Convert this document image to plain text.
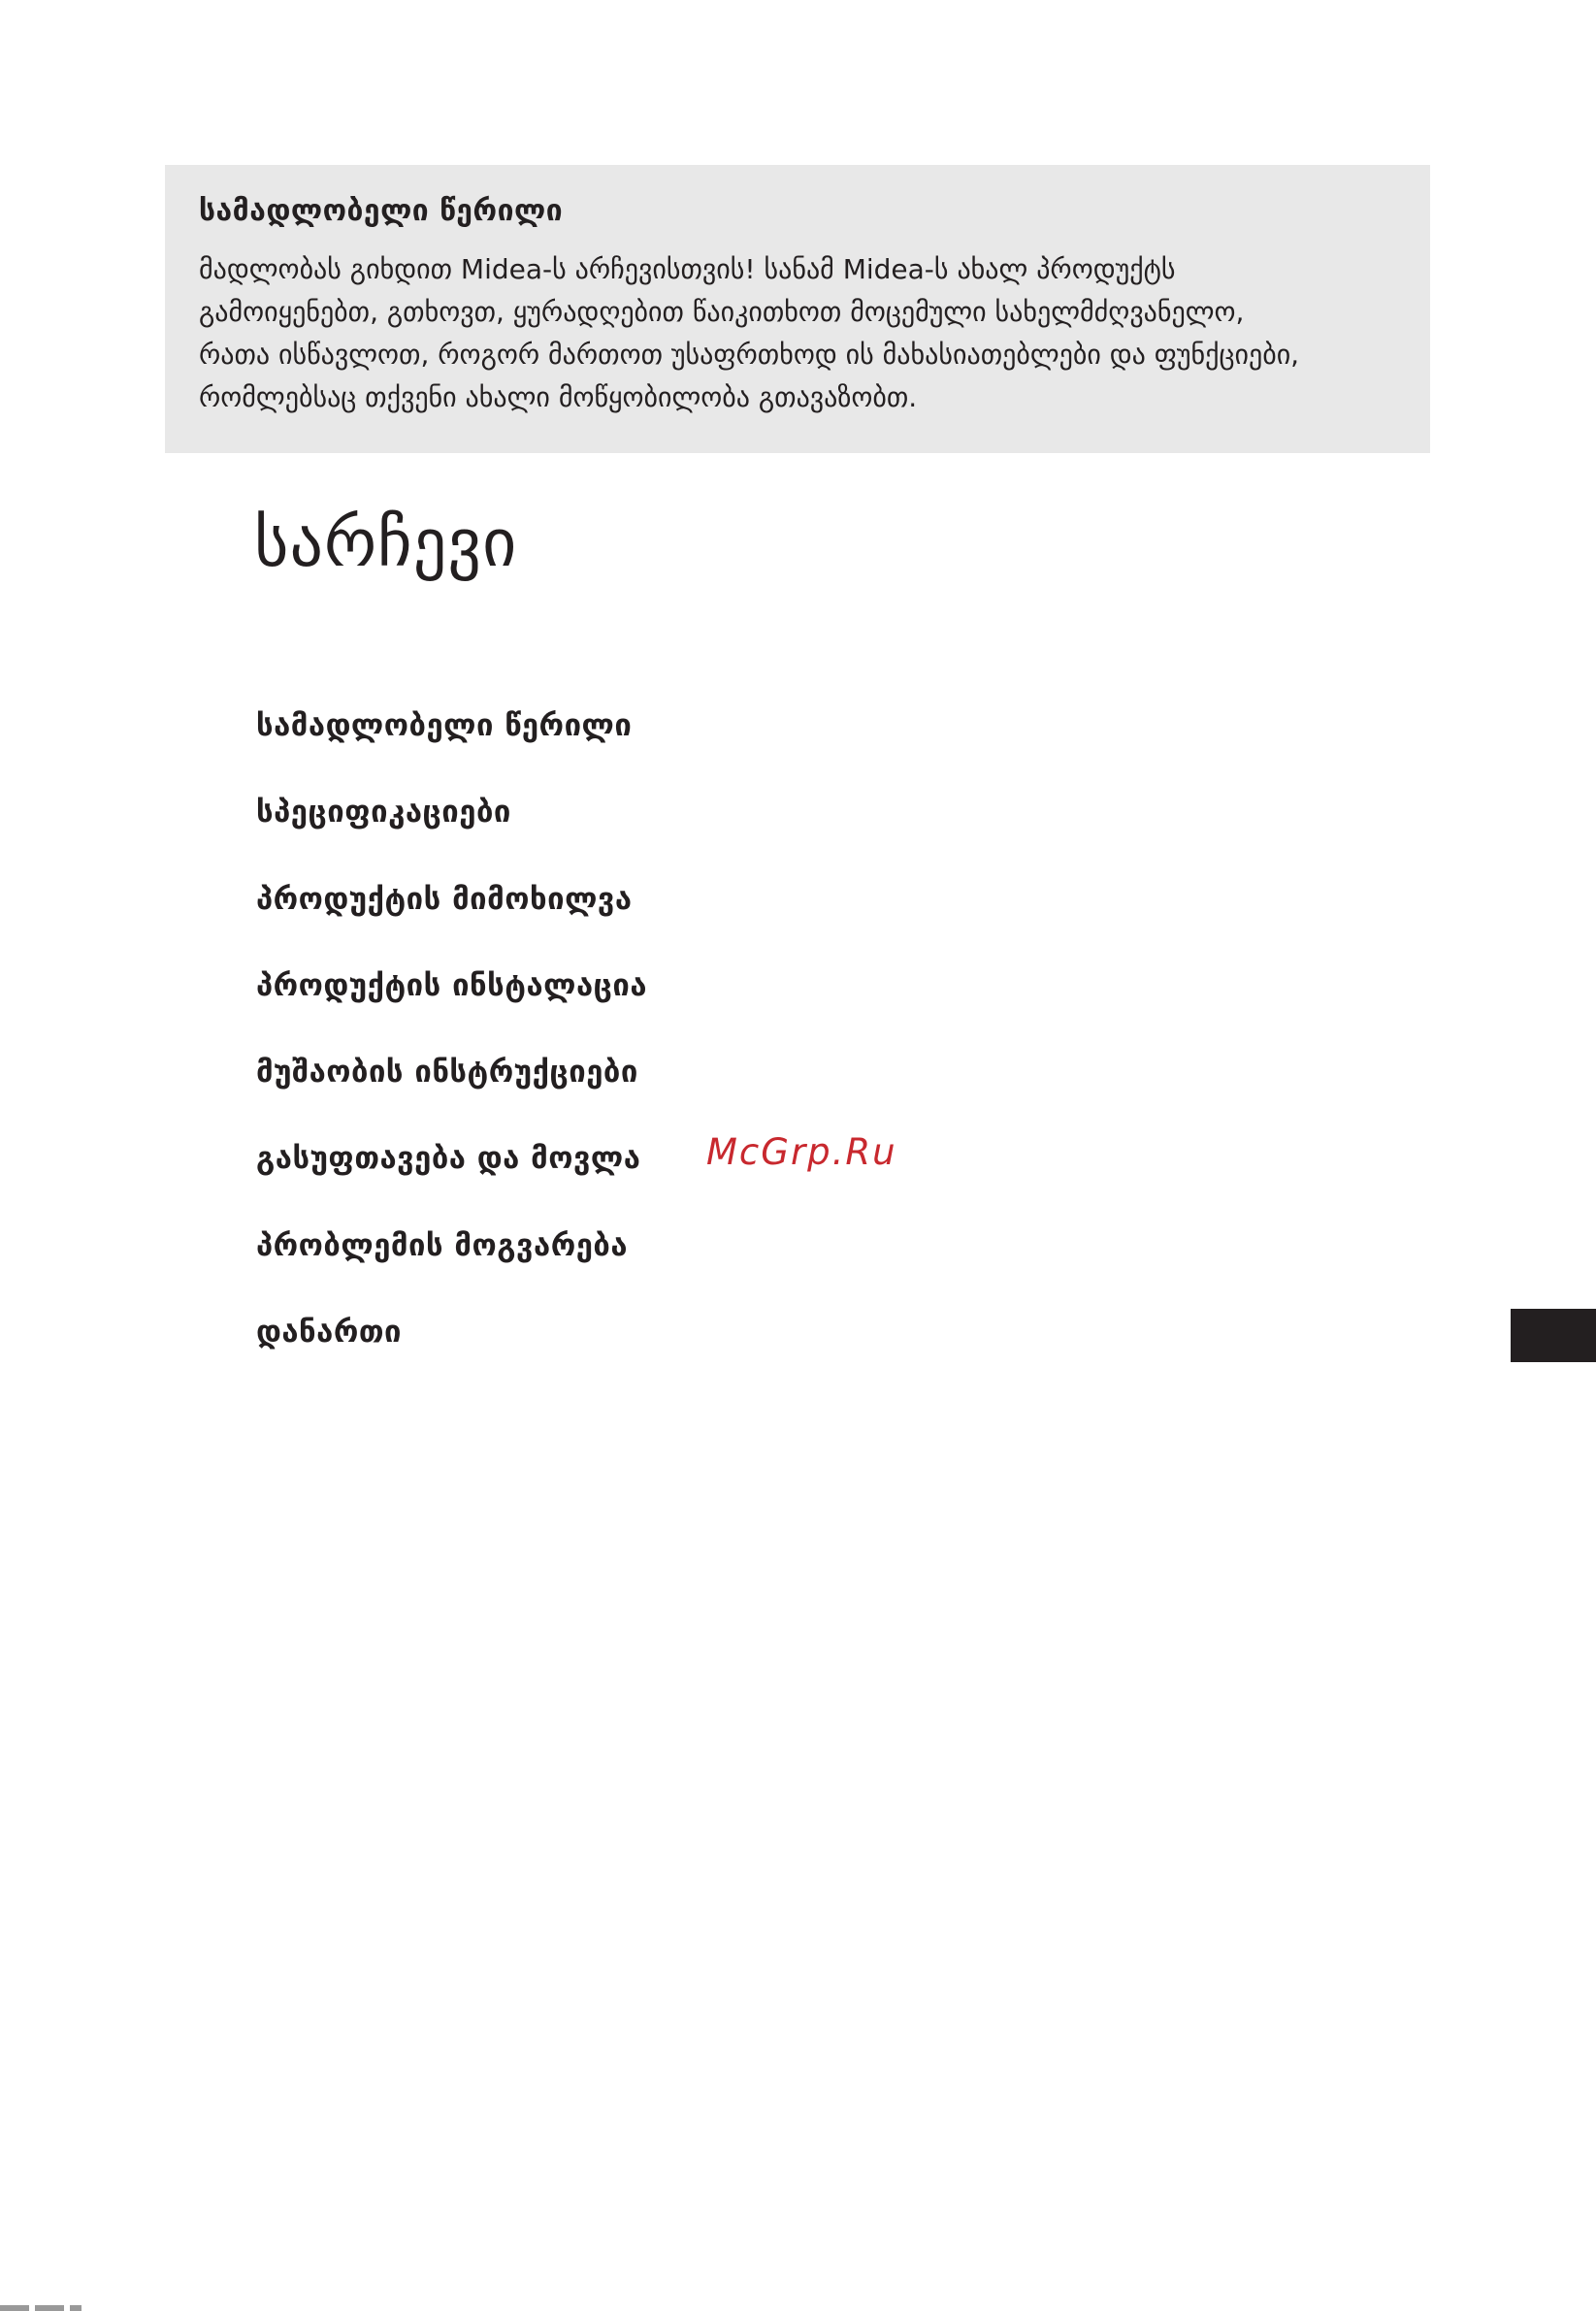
სამადლობელი წერილი

მადლობას გიხდით Midea-ს არჩევისთვის! სანამ Midea-ს ახალ პროდუქტს
გამოიყენებთ, გთხოვთ, ყურადღებით წაიკითხოთ მოცემული სახელმძღვანელო,
რათა ისწავლოთ, როგორ მართოთ უსაფრთხოდ ის მახასიათებლები და ფუნქციები,
რომლებსაც თქვენი ახალი მოწყობილობა გთავაზობთ.

სარჩევი
სამადლობელი წერილი
სპეციფიკაციები
პროდუქტის მიმოხილვა
პროდუქტის ინსტალაცია
მუშაობის ინსტრუქციები
გასუფთავება და მოვლა
პრობლემის მოგვარება
დანართი
McGrp.Ru
